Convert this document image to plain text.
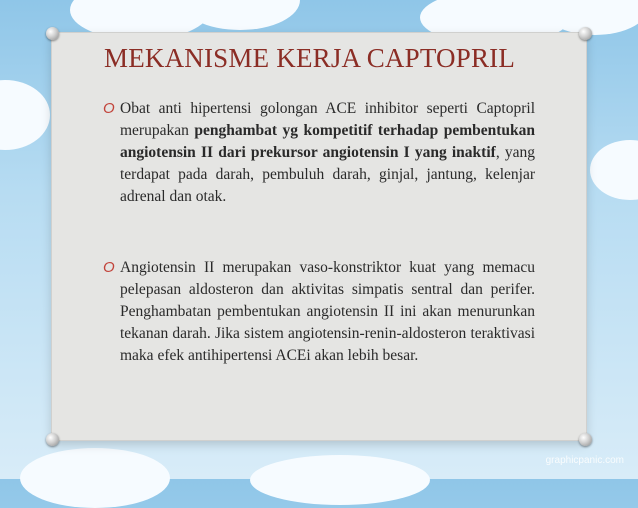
MEKANISME KERJA CAPTOPRIL
O Obat anti hipertensi golongan ACE inhibitor seperti Captopril merupakan penghambat yg kompetitif terhadap pembentukan angiotensin II dari prekursor angiotensin I yang inaktif, yang terdapat pada darah, pembuluh darah, ginjal, jantung, kelenjar adrenal dan otak.
O Angiotensin II merupakan vaso-konstriktor kuat yang memacu pelepasan aldosteron dan aktivitas simpatis sentral dan perifer. Penghambatan pembentukan angiotensin II ini akan menurunkan tekanan darah. Jika sistem angiotensin-renin-aldosteron teraktivasi maka efek antihipertensi ACEi akan lebih besar.
graphicpanic.com
